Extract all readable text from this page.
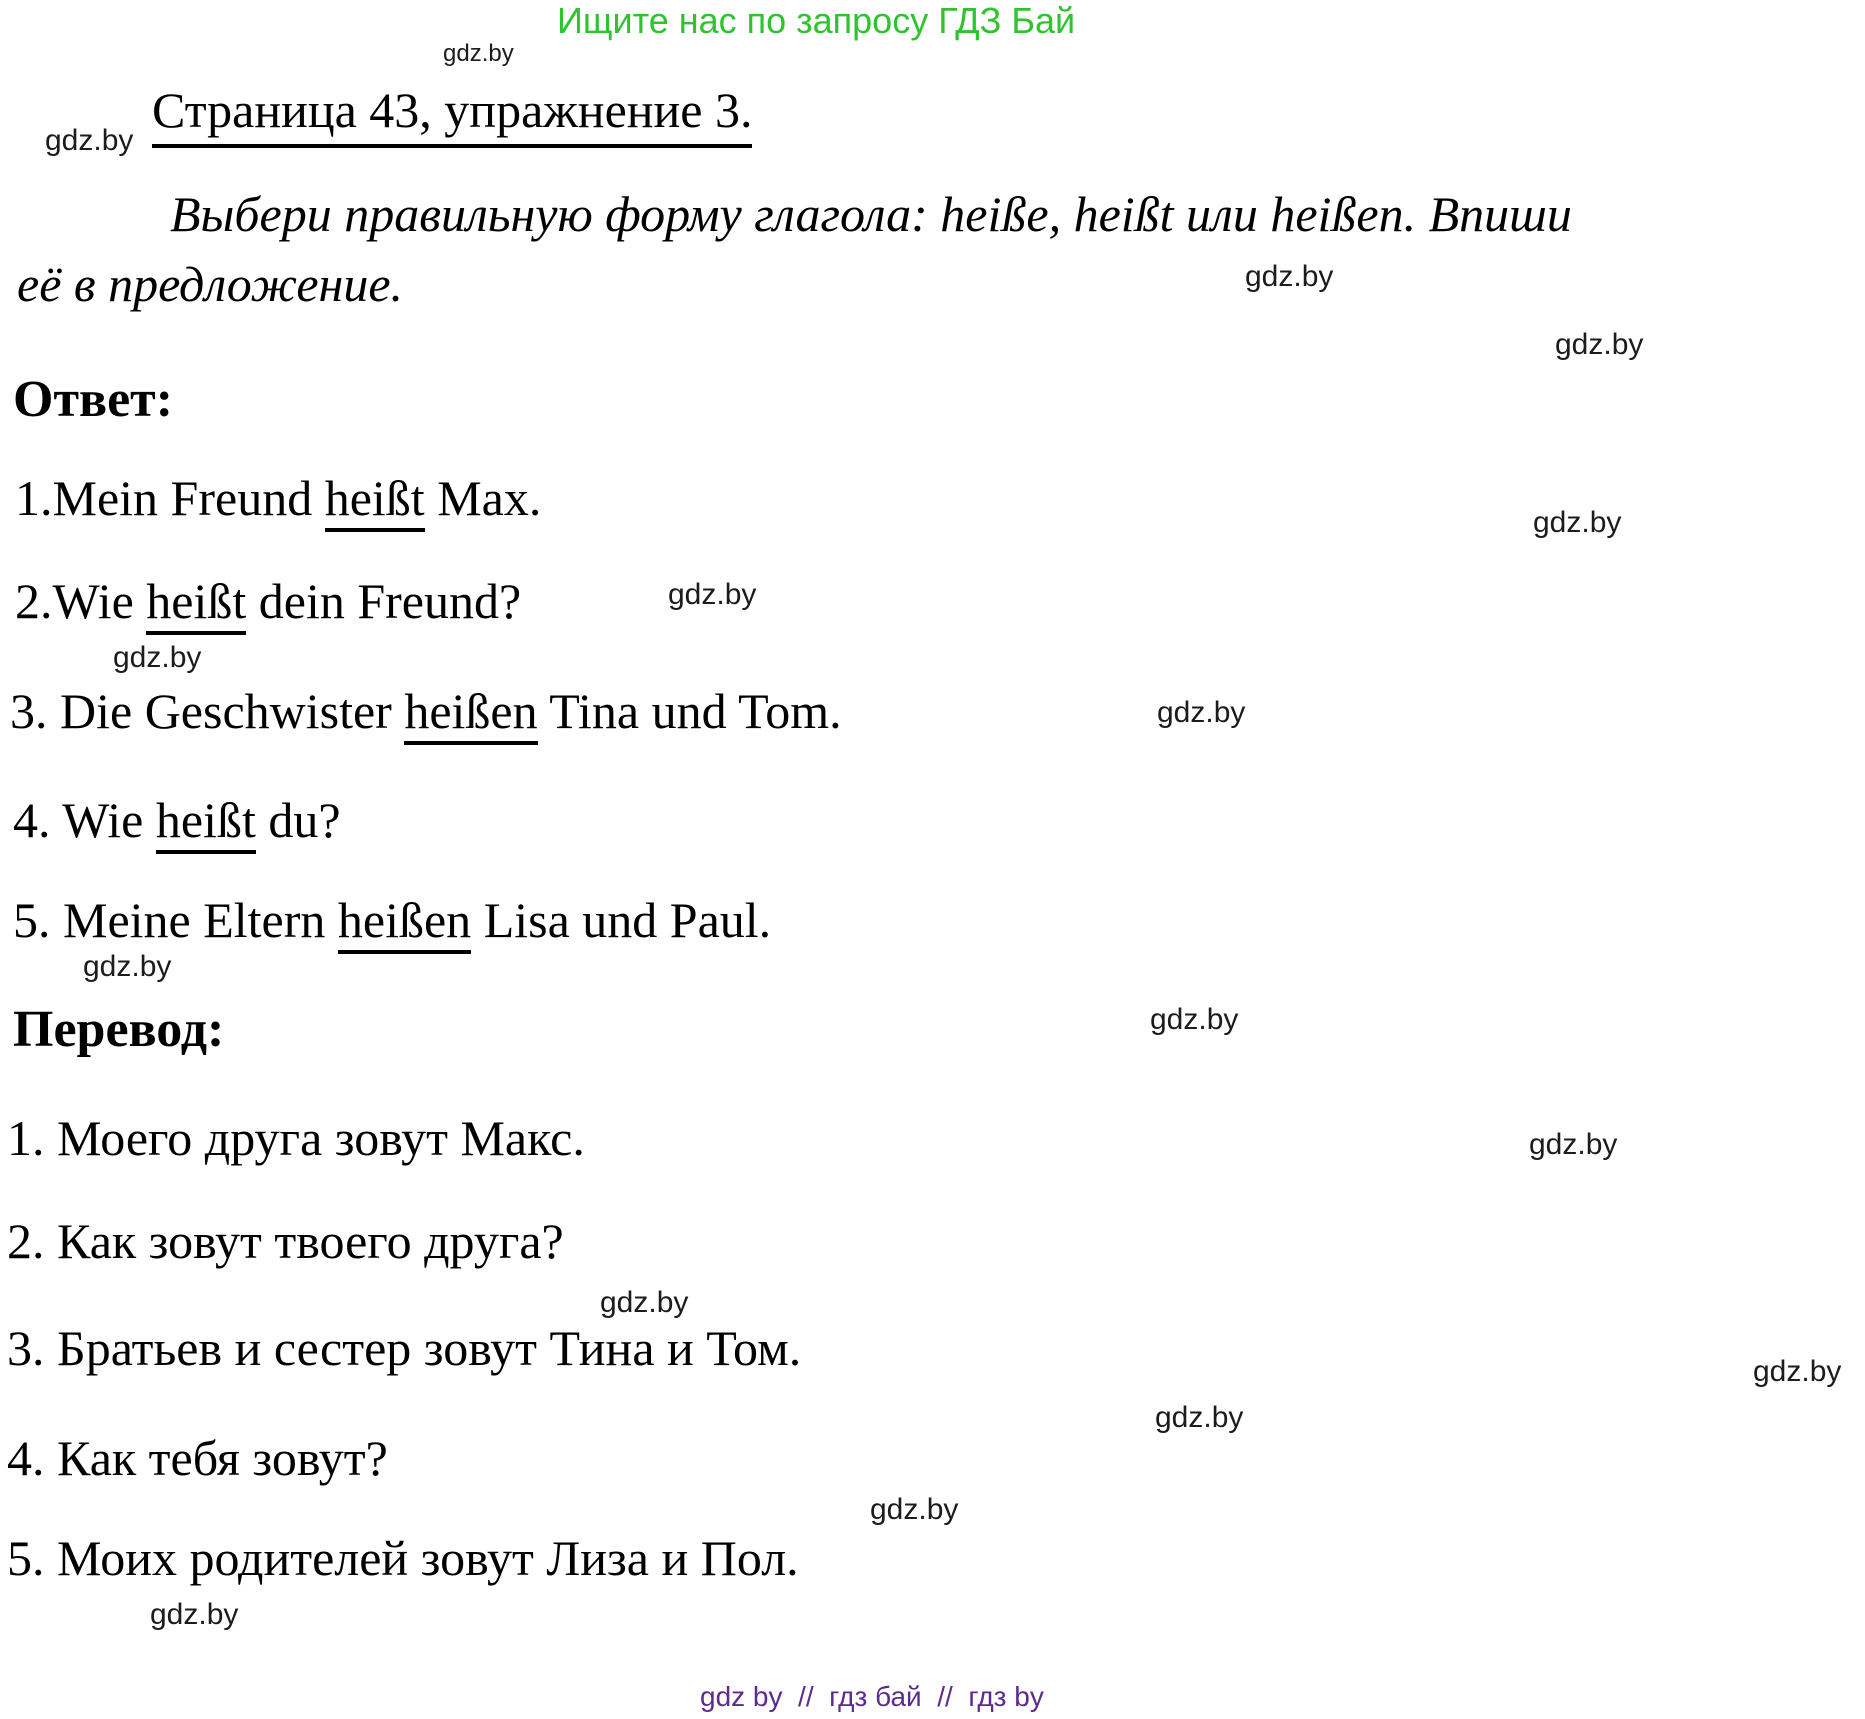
Ищите нас по запросу ГДЗ Бай
gdz.by
gdz.by
gdz.by
gdz.by
gdz.by
gdz.by
gdz.by
gdz.by
gdz.by
gdz.by
gdz.by
gdz.by
gdz.by
gdz.by
gdz.by
gdz.by
Страница 43, упражнение 3.
Выбери правильную форму глагола: heiße, heißt или heißen. Впиши
её в предложение.
Ответ:
1.Mein Freund heißt Max.
2.Wie heißt dein Freund?
3. Die Geschwister heißen Tina und Tom.
4. Wie heißt du?
5. Meine Eltern heißen Lisa und Paul.
Перевод:
1. Моего друга зовут Макс.
2. Как зовут твоего друга?
3. Братьев и сестер зовут Тина и Том.
4. Как тебя зовут?
5. Моих родителей зовут Лиза и Пол.
gdz by  //  гдз бай  //  гдз by
